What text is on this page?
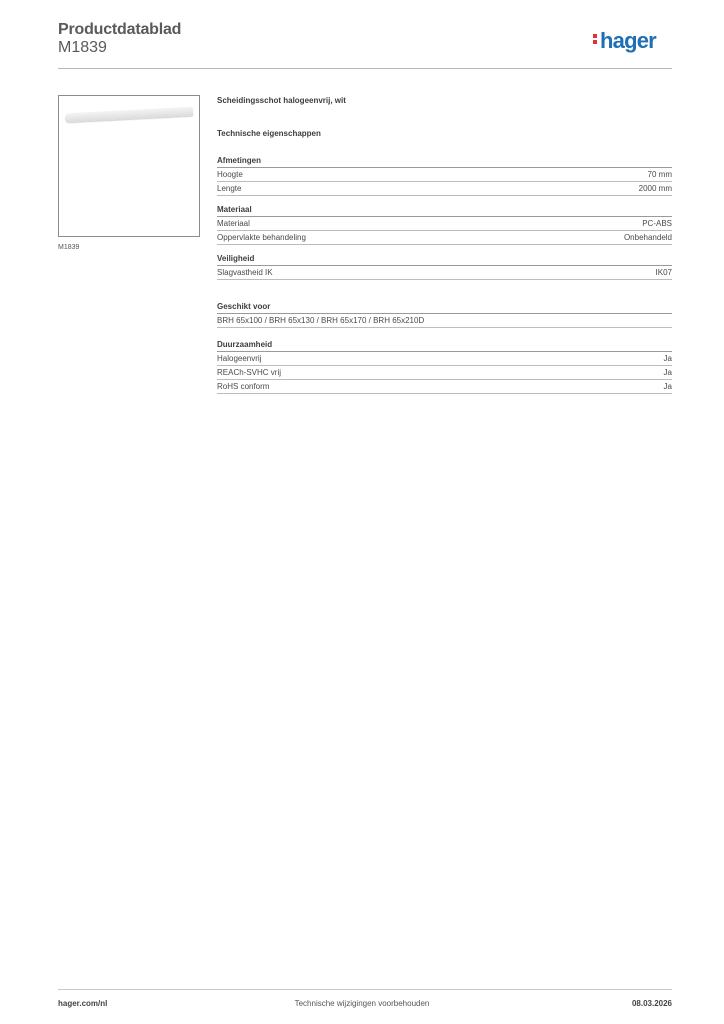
Productdatablad
M1839	hager
M1839
Scheidingsschot halogeenvrij, wit
Technische eigenschappen
Afmetingen
Hoogte	70 mm
Lengte	2000 mm
Materiaal
Materiaal	PC-ABS
Oppervlakte behandeling	Onbehandeld
Veiligheid
Slagvastheid IK	IK07
Geschikt voor
BRH 65x100 / BRH 65x130 / BRH 65x170 / BRH 65x210D
Duurzaamheid
Halogeenvrij	Ja
REACh-SVHC vrij	Ja
RoHS conform	Ja
hager.com/nl	Technische wijzigingen voorbehouden	08.03.2026
